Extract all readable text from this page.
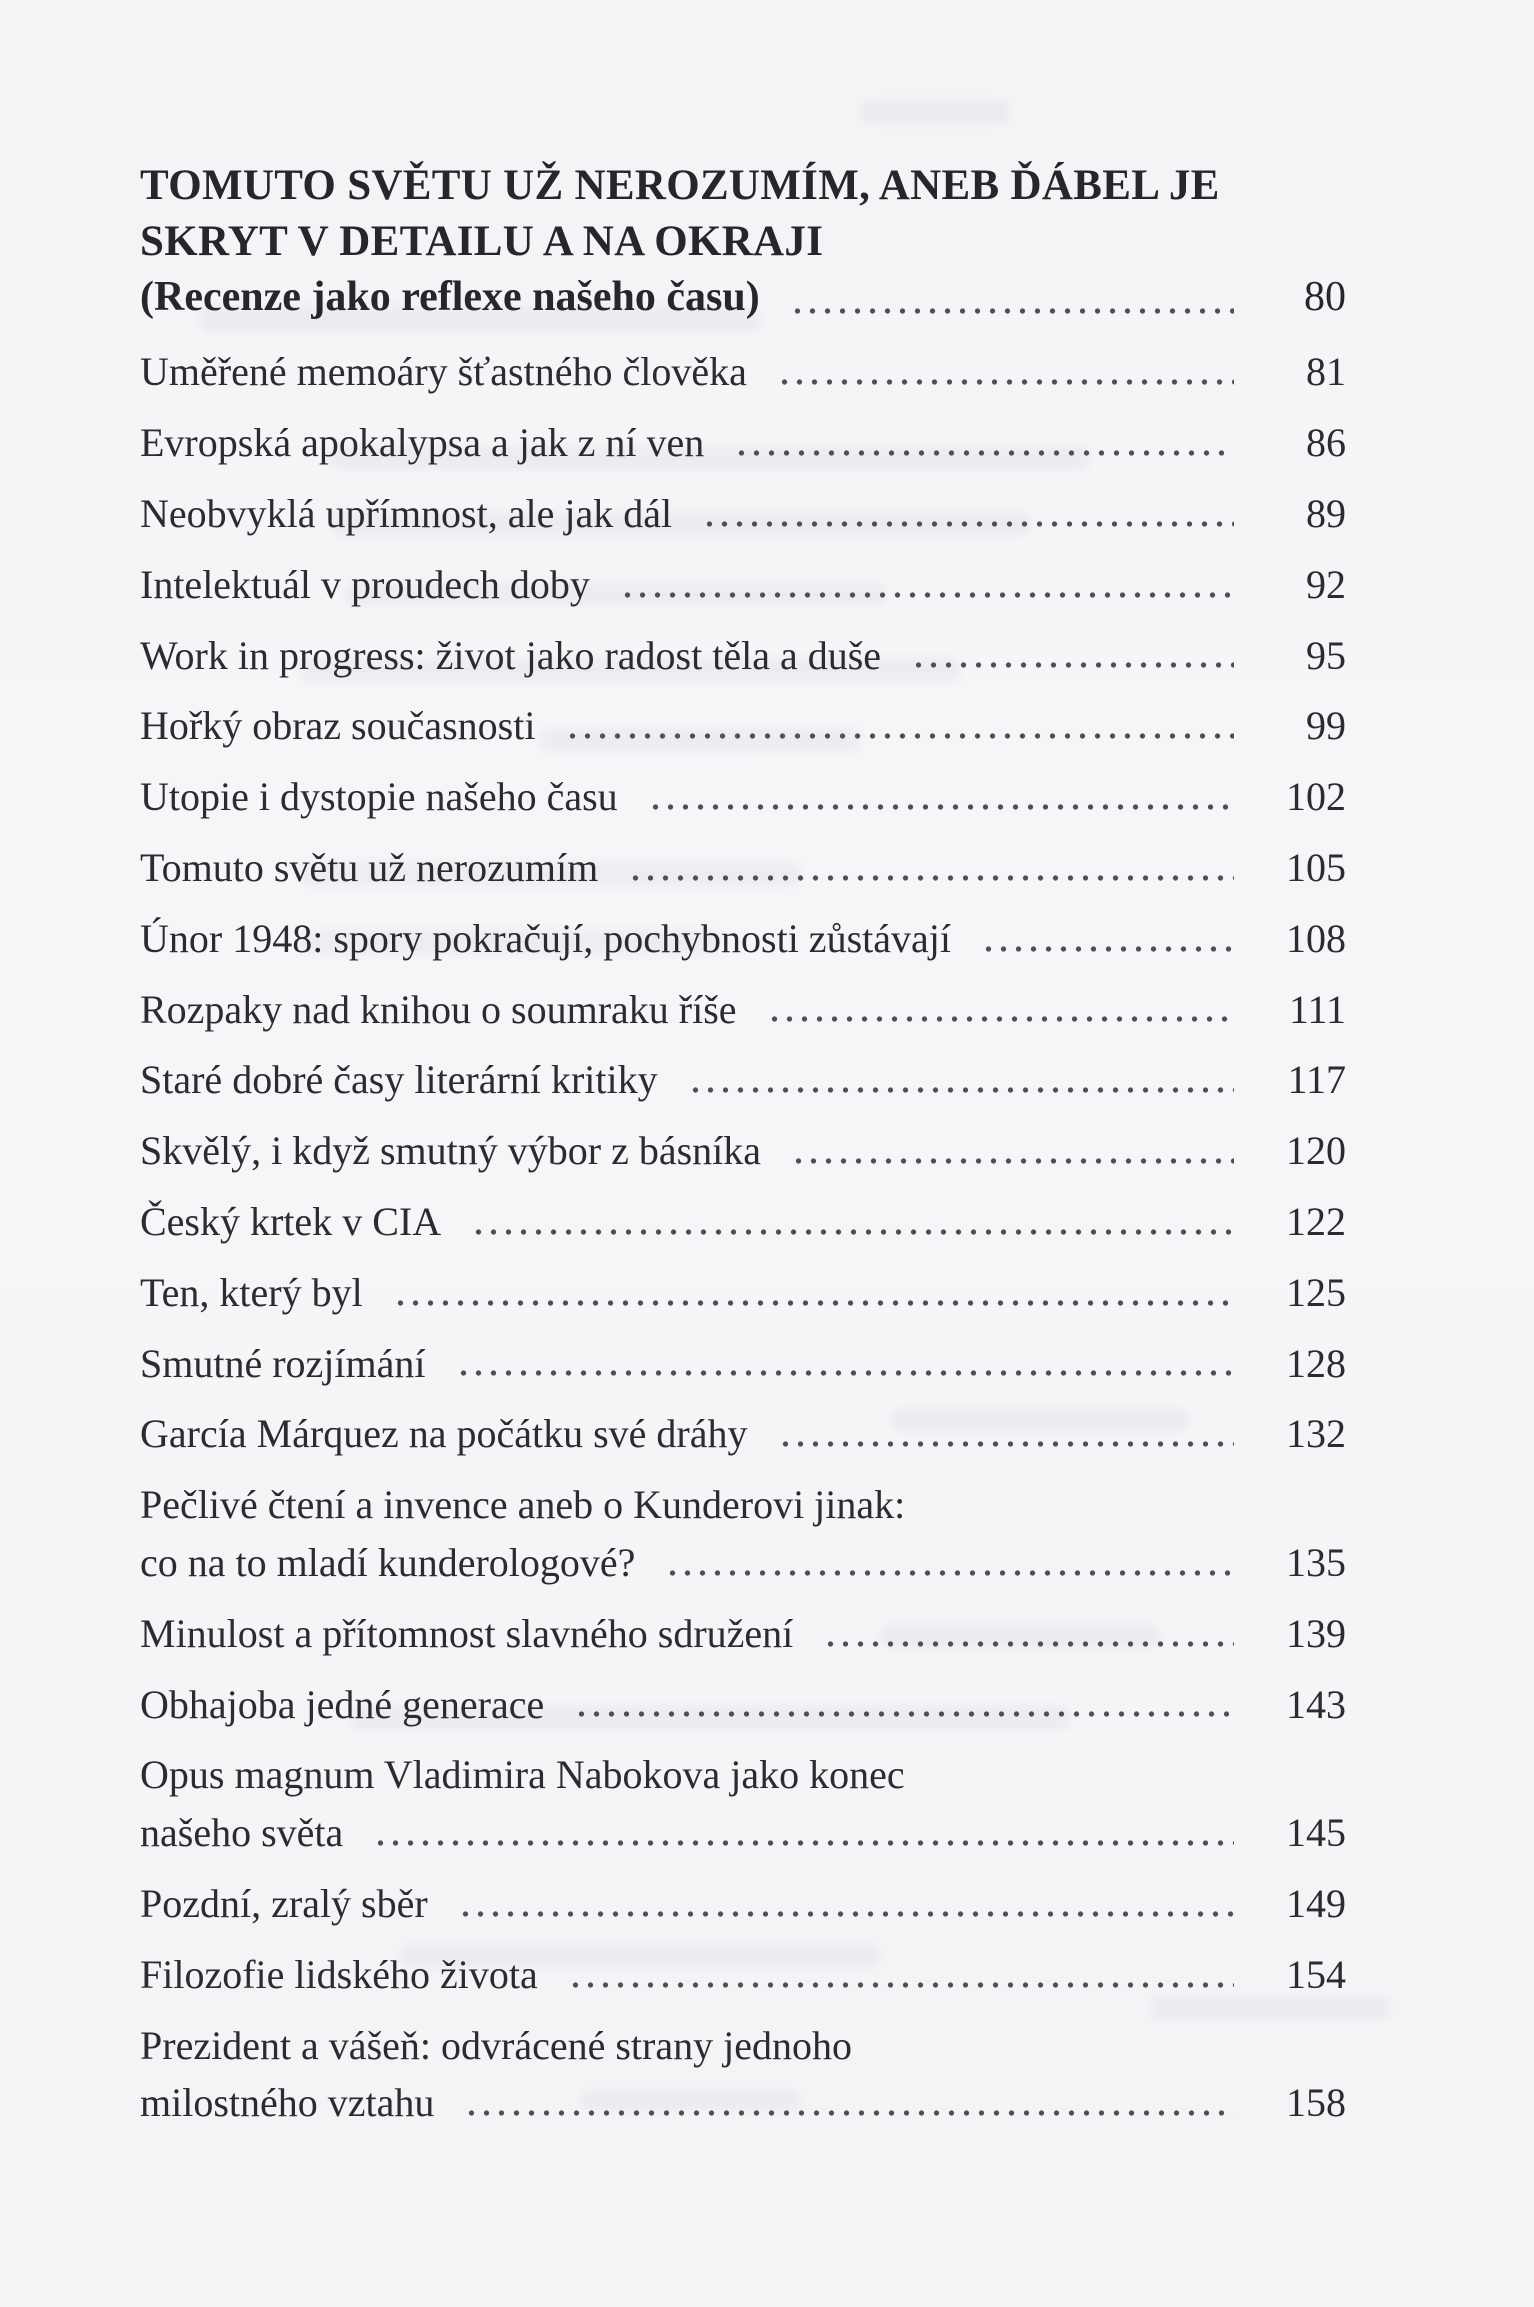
TOMUTO SVĚTU UŽ NEROZUMÍM, ANEB ĎÁBEL JE
SKRYT V DETAILU A NA OKRAJI
(Recenze jako reflexe našeho času)	80
Uměřené memoáry šťastného člověka	81
Evropská apokalypsa a jak z ní ven	86
Neobvyklá upřímnost, ale jak dál	89
Intelektuál v proudech doby	92
Work in progress: život jako radost těla a duše	95
Hořký obraz současnosti	99
Utopie i dystopie našeho času	102
Tomuto světu už nerozumím	105
Únor 1948: spory pokračují, pochybnosti zůstávají	108
Rozpaky nad knihou o soumraku říše	111
Staré dobré časy literární kritiky	117
Skvělý, i když smutný výbor z básníka	120
Český krtek v CIA	122
Ten, který byl	125
Smutné rozjímání	128
García Márquez na počátku své dráhy	132
Pečlivé čtení a invence aneb o Kunderovi jinak:
co na to mladí kunderologové?	135
Minulost a přítomnost slavného sdružení	139
Obhajoba jedné generace	143
Opus magnum Vladimira Nabokova jako konec
našeho světa	145
Pozdní, zralý sběr	149
Filozofie lidského života	154
Prezident a vášeň: odvrácené strany jednoho
milostného vztahu	158
